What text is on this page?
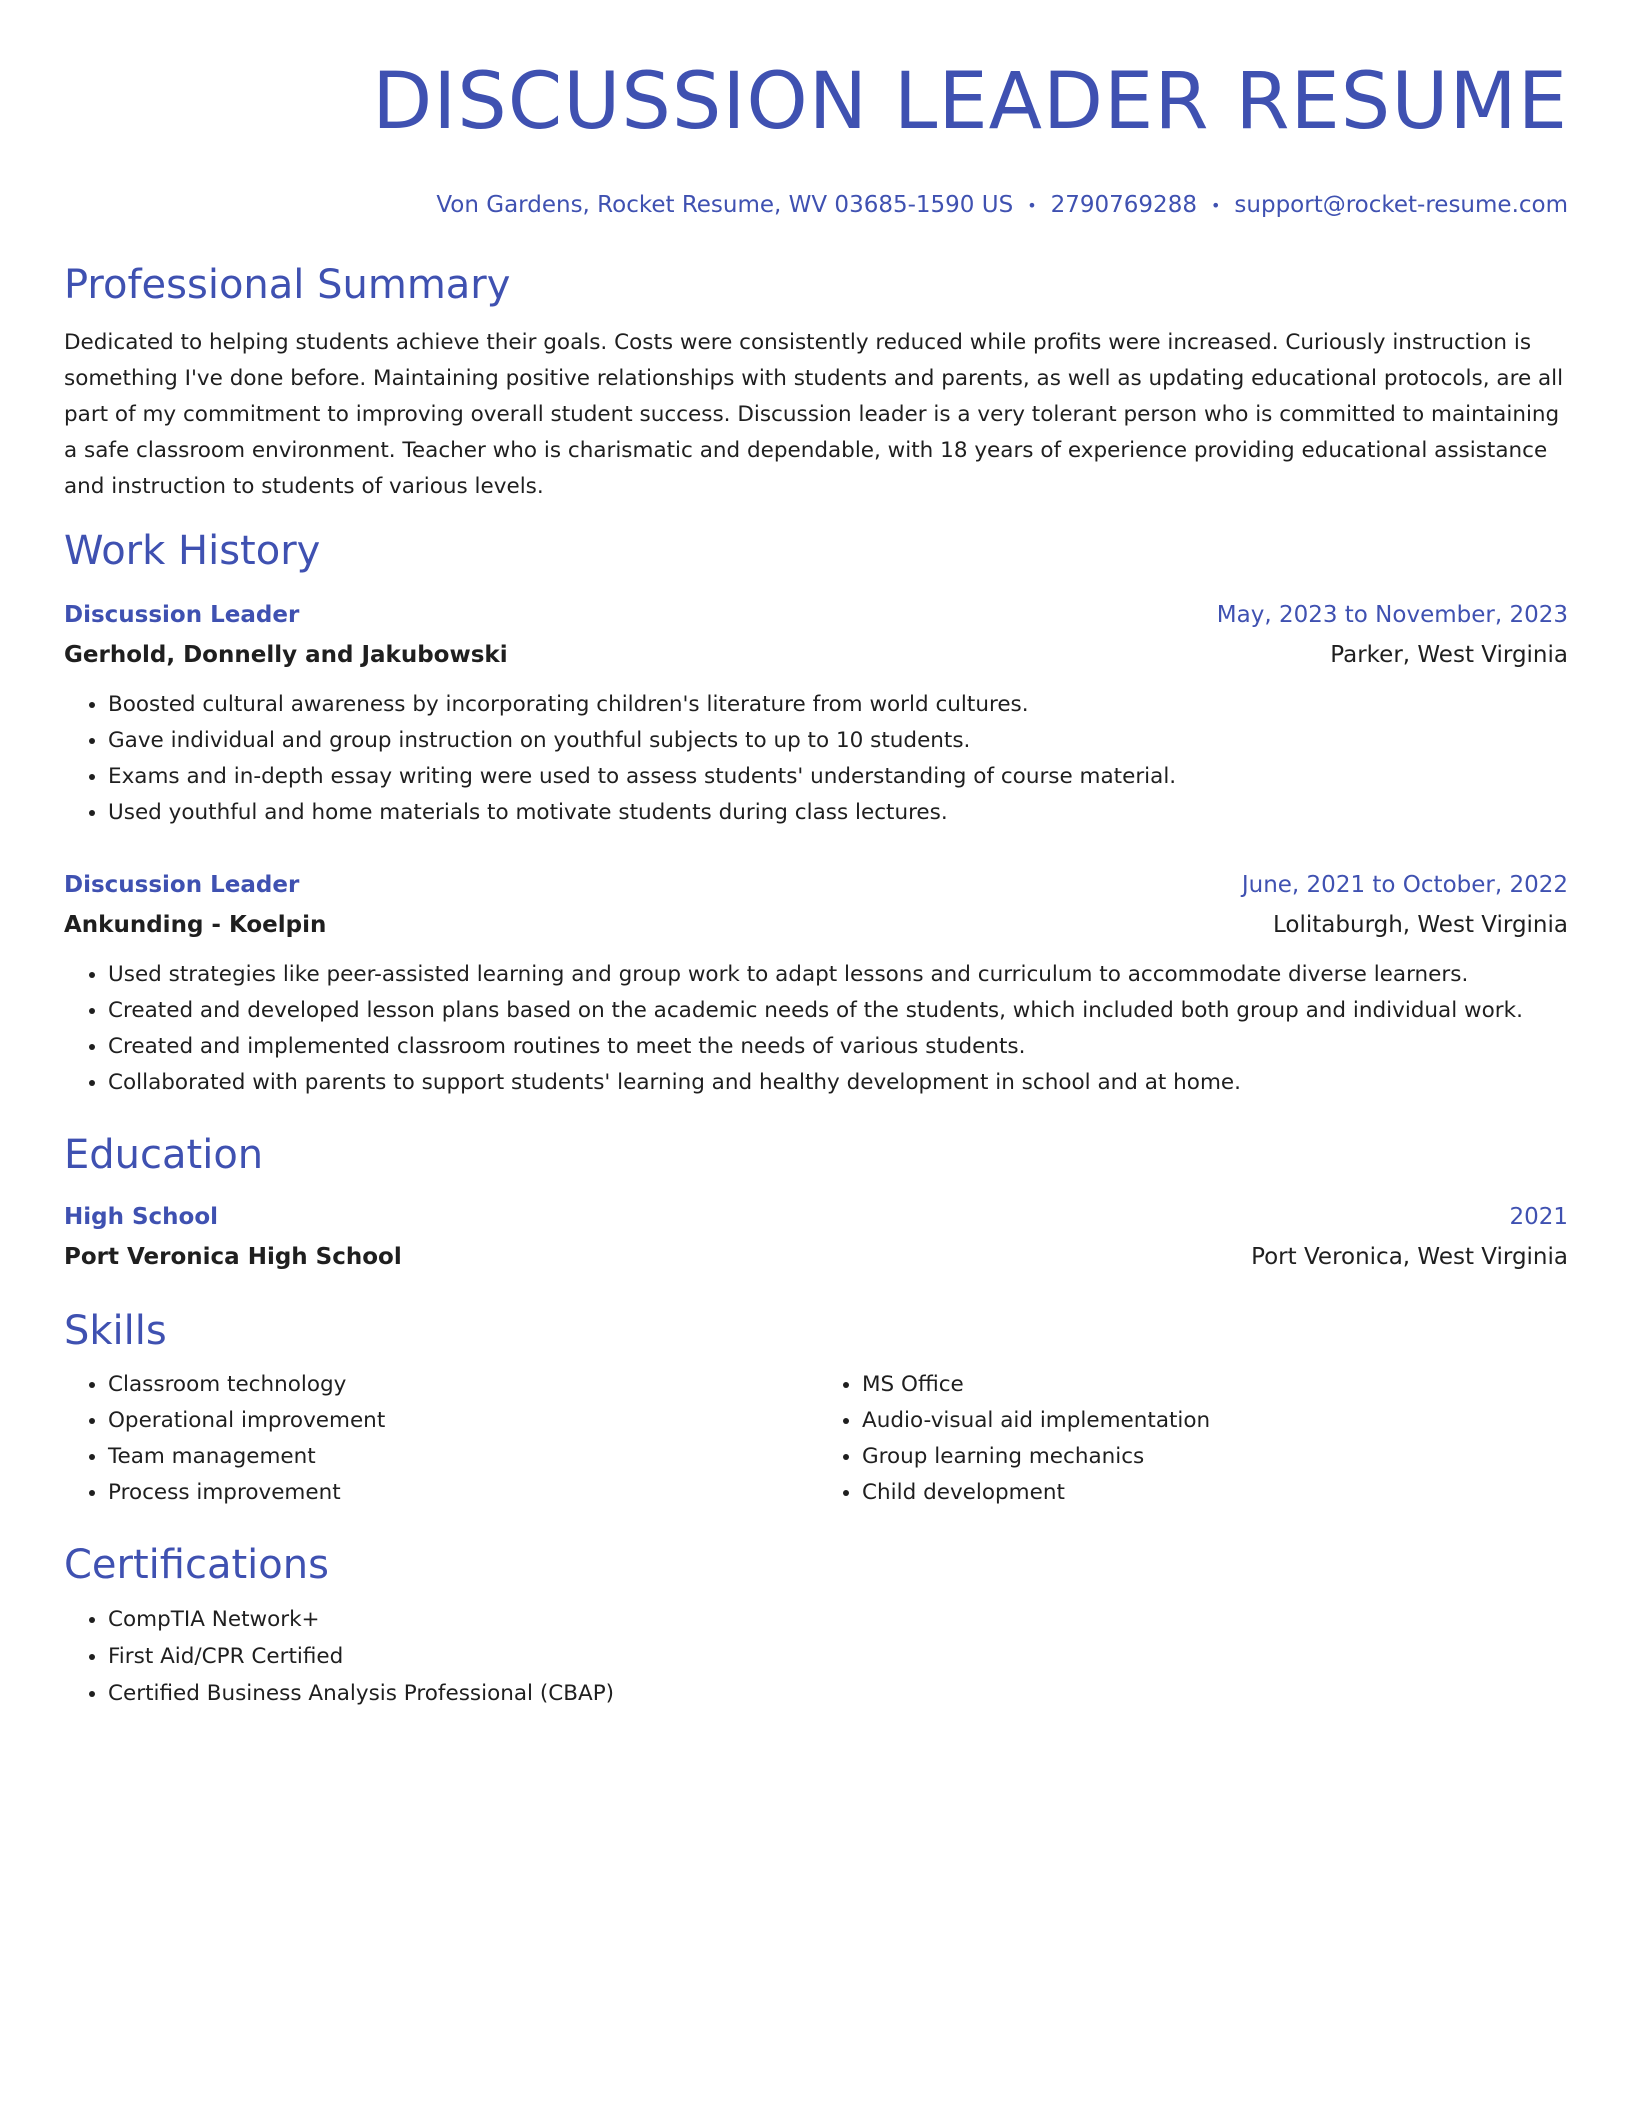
DISCUSSION LEADER RESUME
Von Gardens, Rocket Resume, WV 03685-1590 US • 2790769288 • support@rocket-resume.com
Professional Summary
Dedicated to helping students achieve their goals. Costs were consistently reduced while profits were increased. Curiously instruction is something I've done before. Maintaining positive relationships with students and parents, as well as updating educational protocols, are all part of my commitment to improving overall student success. Discussion leader is a very tolerant person who is committed to maintaining a safe classroom environment. Teacher who is charismatic and dependable, with 18 years of experience providing educational assistance and instruction to students of various levels.
Work History
Discussion Leader	May, 2023 to November, 2023
Gerhold, Donnelly and Jakubowski	Parker, West Virginia
• Boosted cultural awareness by incorporating children's literature from world cultures.
• Gave individual and group instruction on youthful subjects to up to 10 students.
• Exams and in-depth essay writing were used to assess students' understanding of course material.
• Used youthful and home materials to motivate students during class lectures.
Discussion Leader	June, 2021 to October, 2022
Ankunding - Koelpin	Lolitaburgh, West Virginia
• Used strategies like peer-assisted learning and group work to adapt lessons and curriculum to accommodate diverse learners.
• Created and developed lesson plans based on the academic needs of the students, which included both group and individual work.
• Created and implemented classroom routines to meet the needs of various students.
• Collaborated with parents to support students' learning and healthy development in school and at home.
Education
High School	2021
Port Veronica High School	Port Veronica, West Virginia
Skills
• Classroom technology
• Operational improvement
• Team management
• Process improvement
• MS Office
• Audio-visual aid implementation
• Group learning mechanics
• Child development
Certifications
• CompTIA Network+
• First Aid/CPR Certified
• Certified Business Analysis Professional (CBAP)
